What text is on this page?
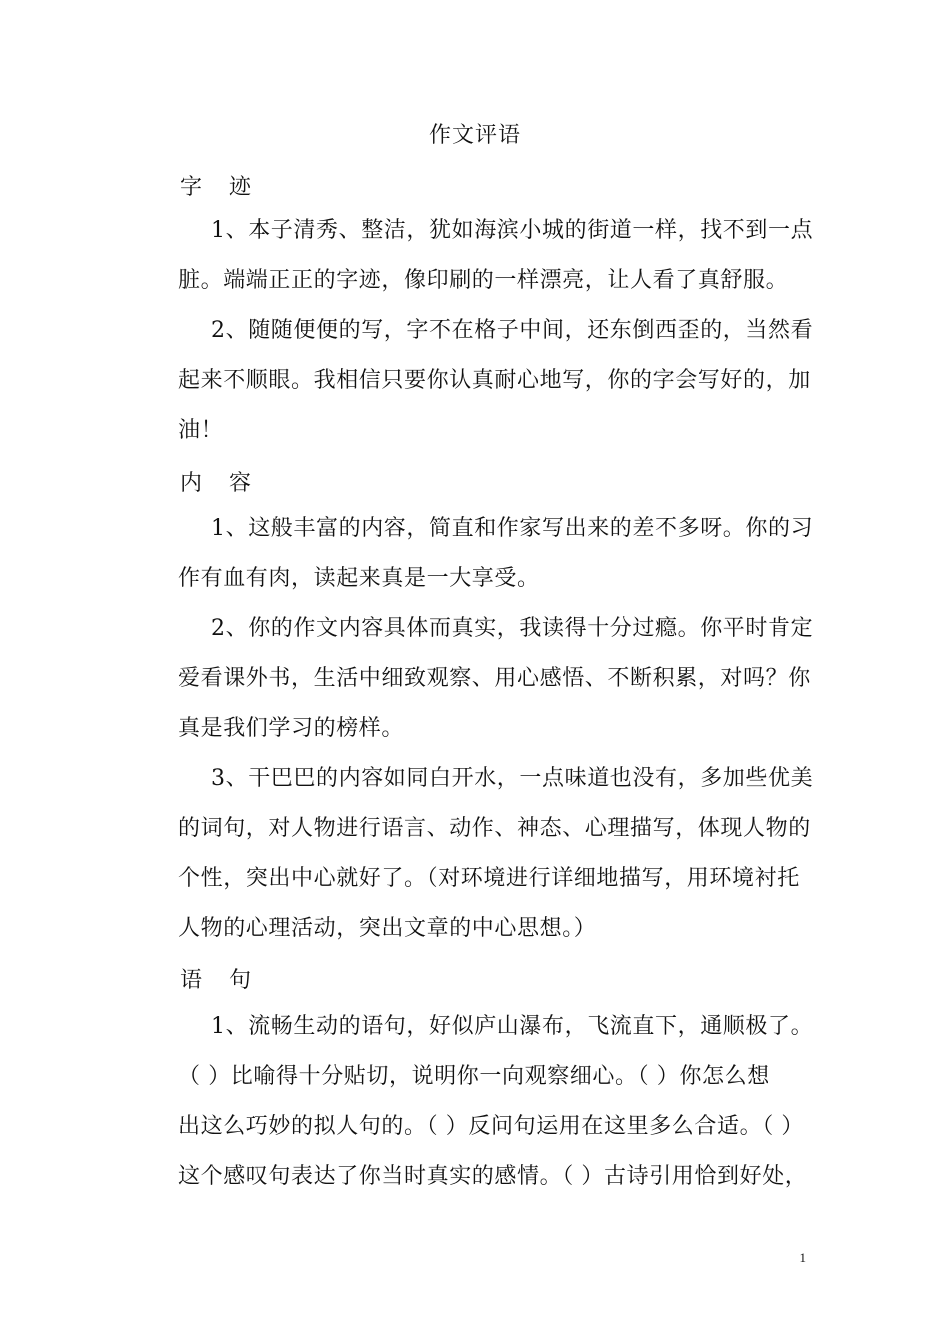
作文评语
字 迹
1、本子清秀、整洁，犹如海滨小城的街道一样，找不到一点
脏。端端正正的字迹，像印刷的一样漂亮，让人看了真舒服。
2、随随便便的写，字不在格子中间，还东倒西歪的，当然看
起来不顺眼。我相信只要你认真耐心地写，你的字会写好的，加
油！
内 容
1、这般丰富的内容，简直和作家写出来的差不多呀。你的习
作有血有肉，读起来真是一大享受。
2、你的作文内容具体而真实，我读得十分过瘾。你平时肯定
爱看课外书，生活中细致观察、用心感悟、不断积累，对吗？你
真是我们学习的榜样。
3、干巴巴的内容如同白开水，一点味道也没有，多加些优美
的词句，对人物进行语言、动作、神态、心理描写，体现人物的
个性，突出中心就好了。（对环境进行详细地描写，用环境衬托
人物的心理活动，突出文章的中心思想。）
语 句
1、流畅生动的语句，好似庐山瀑布，飞流直下，通顺极了。
（ ）比喻得十分贴切，说明你一向观察细心。（ ）你怎么想
出这么巧妙的拟人句的。（ ）反问句运用在这里多么合适。（ ）
这个感叹句表达了你当时真实的感情。（ ）古诗引用恰到好处，
1
